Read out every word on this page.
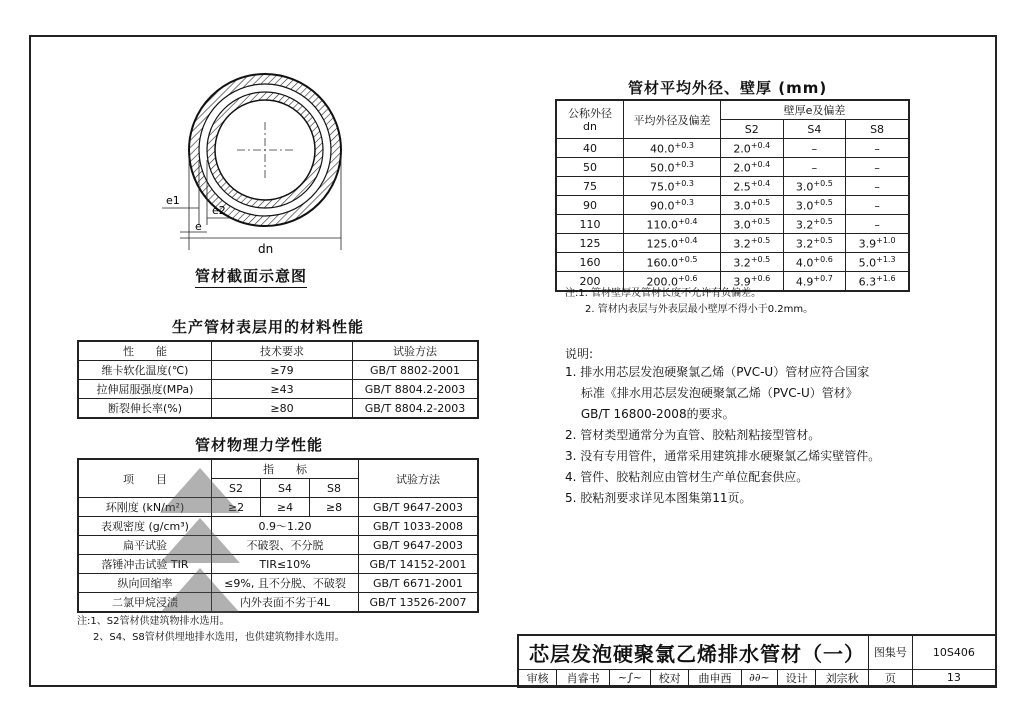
e1
e2
e
dn
管材截面示意图
生产管材表层用的材料性能
性　　能	技术要求	试验方法
维卡软化温度(℃)	≥79	GB/T 8802-2001
拉伸屈服强度(MPa)	≥43	GB/T 8804.2-2003
断裂伸长率(%)	≥80	GB/T 8804.2-2003
管材物理力学性能
项　　目	指　　标			试验方法
	S2	S4	S8	
环刚度 (kN/m²)	≥2	≥4	≥8	GB/T 9647-2003
表观密度 (g/cm³)	0.9～1.20			GB/T 1033-2008
扁平试验	不破裂、不分脱			GB/T 9647-2003
落锤冲击试验 TIR	TIR≤10%			GB/T 14152-2001
纵向回缩率	≤9%, 且不分脱、不破裂			GB/T 6671-2001
二氯甲烷浸渍	内外表面不劣于4L			GB/T 13526-2007
注:1、S2管材供建筑物排水选用。
2、S4、S8管材供埋地排水选用，也供建筑物排水选用。
管材平均外径、壁厚 (mm)
公称外径
dn	平均外径及偏差	壁厚e及偏差		
		S2	S4	S8
40	$40.0^{+0.3}$	$2.0^{+0.4}$	–	–
50	$50.0^{+0.3}$	$2.0^{+0.4}$	–	–
75	$75.0^{+0.3}$	$2.5^{+0.4}$	$3.0^{+0.5}$	–
90	$90.0^{+0.3}$	$3.0^{+0.5}$	$3.0^{+0.5}$	–
110	$110.0^{+0.4}$	$3.0^{+0.5}$	$3.2^{+0.5}$	–
125	$125.0^{+0.4}$	$3.2^{+0.5}$	$3.2^{+0.5}$	$3.9^{+1.0}$
160	$160.0^{+0.5}$	$3.2^{+0.5}$	$4.0^{+0.6}$	$5.0^{+1.3}$
200	$200.0^{+0.6}$	$3.9^{+0.6}$	$4.9^{+0.7}$	$6.3^{+1.6}$
注:1. 管材壁厚及管材长度不允许有负偏差。
2. 管材内表层与外表层最小壁厚不得小于0.2mm。
说明:
1. 排水用芯层发泡硬聚氯乙烯（PVC-U）管材应符合国家
　 标准《排水用芯层发泡硬聚氯乙烯（PVC-U）管材》
　 GB/T 16800-2008的要求。
2. 管材类型通常分为直管、胶粘剂粘接型管材。
3. 没有专用管件，通常采用建筑排水硬聚氯乙烯实壁管件。
4. 管件、胶粘剂应由管材生产单位配套供应。
5. 胶粘剂要求详见本图集第11页。
芯层发泡硬聚氯乙烯排水管材（一）								图集号	10S406
审核	肖睿书	~∫~	校对	曲申西	∂∂~	设计	刘宗秋	页	13
